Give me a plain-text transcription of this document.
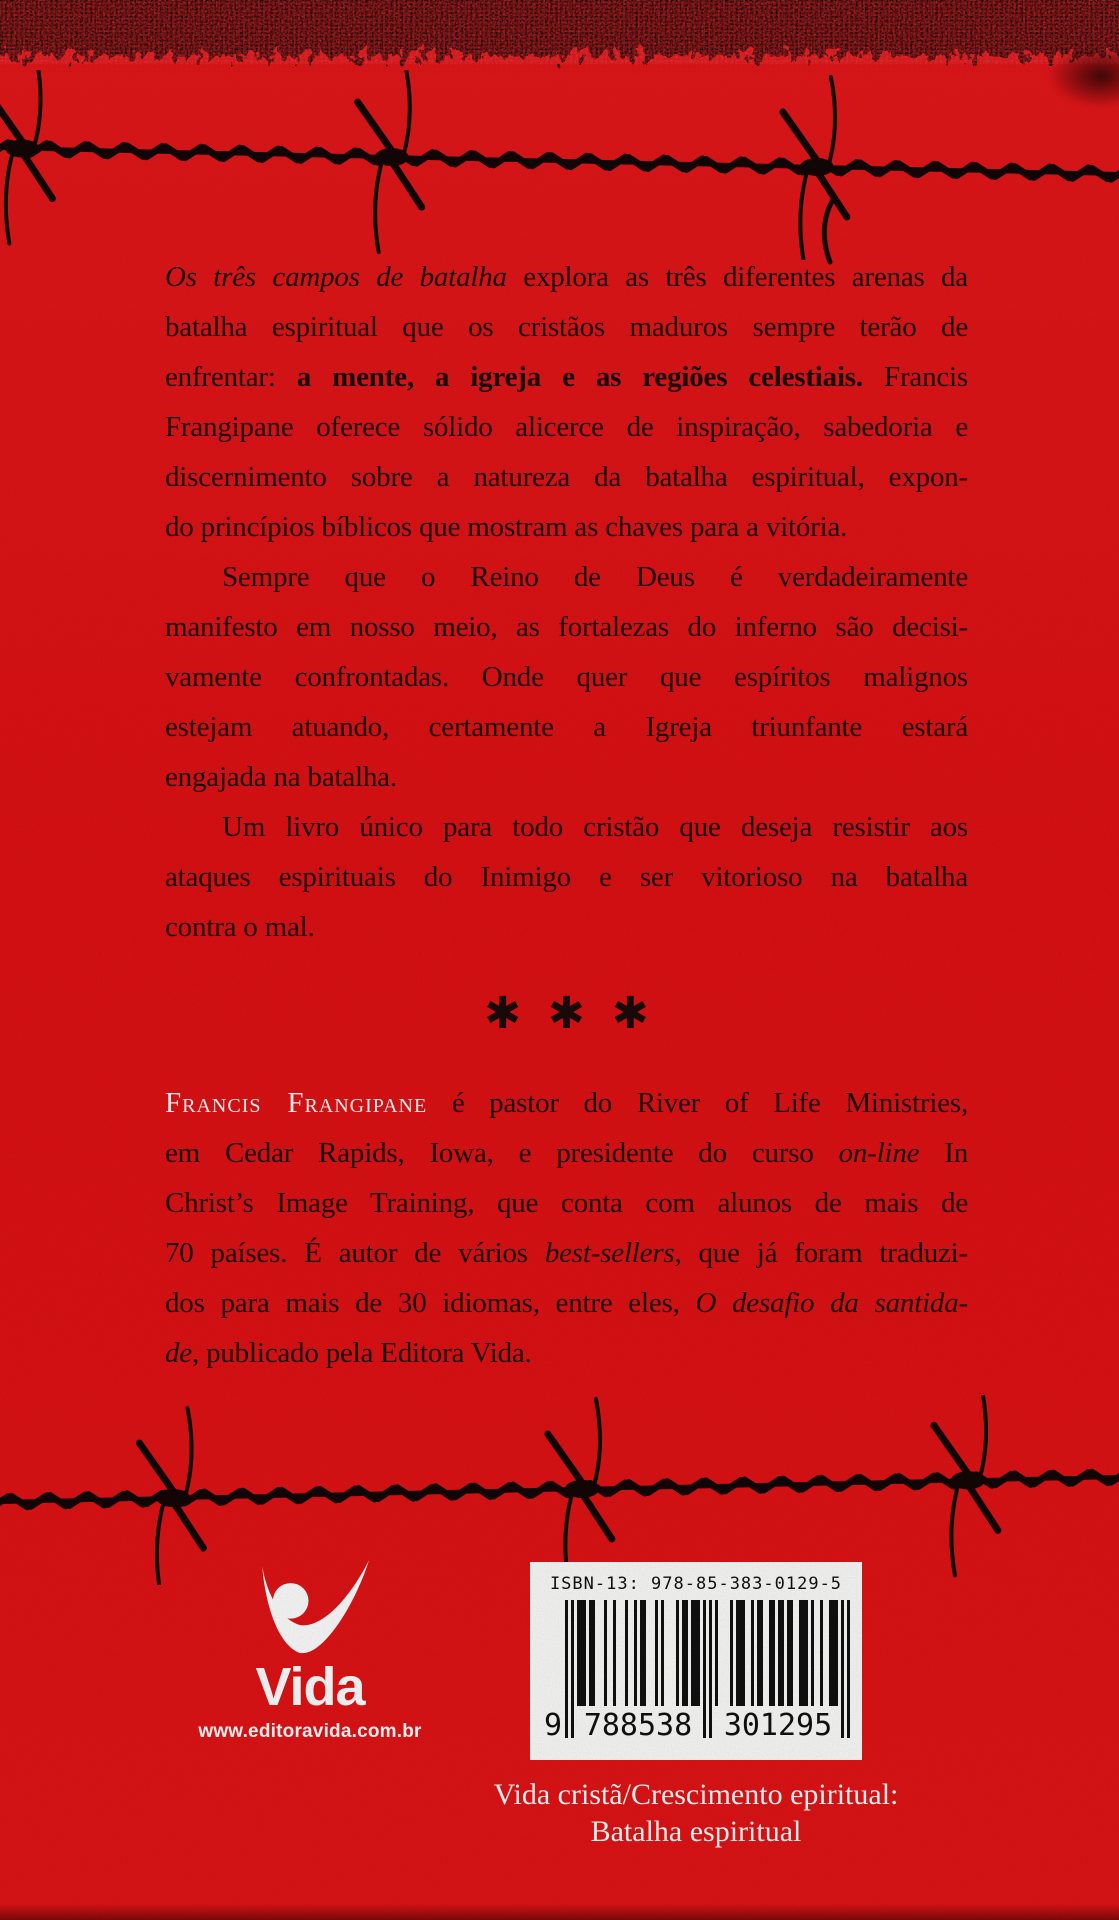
Os três campos de batalha explora as três diferentes arenas da
batalha espiritual que os cristãos maduros sempre terão de
enfrentar: a mente, a igreja e as regiões celestiais. Francis
Frangipane oferece sólido alicerce de inspiração, sabedoria e
discernimento sobre a natureza da batalha espiritual, expon-
do princípios bíblicos que mostram as chaves para a vitória.
Sempre que o Reino de Deus é verdadeiramente
manifesto em nosso meio, as fortalezas do inferno são decisi-
vamente confrontadas. Onde quer que espíritos malignos
estejam atuando, certamente a Igreja triunfante estará
engajada na batalha.
Um livro único para todo cristão que deseja resistir aos
ataques espirituais do Inimigo e ser vitorioso na batalha
contra o mal.
✱ ✱ ✱
Francis Frangipane é pastor do River of Life Ministries,
em Cedar Rapids, Iowa, e presidente do curso on-line In
Christ’s Image Training, que conta com alunos de mais de
70 países. É autor de vários best-sellers, que já foram traduzi-
dos para mais de 30 idiomas, entre eles, O desafio da santida-
de, publicado pela Editora Vida.
Vida
www.editoravida.com.br
ISBN-13: 978-85-383-0129-5
9 788538 301295
Vida cristã/Crescimento epiritual:
Batalha espiritual
